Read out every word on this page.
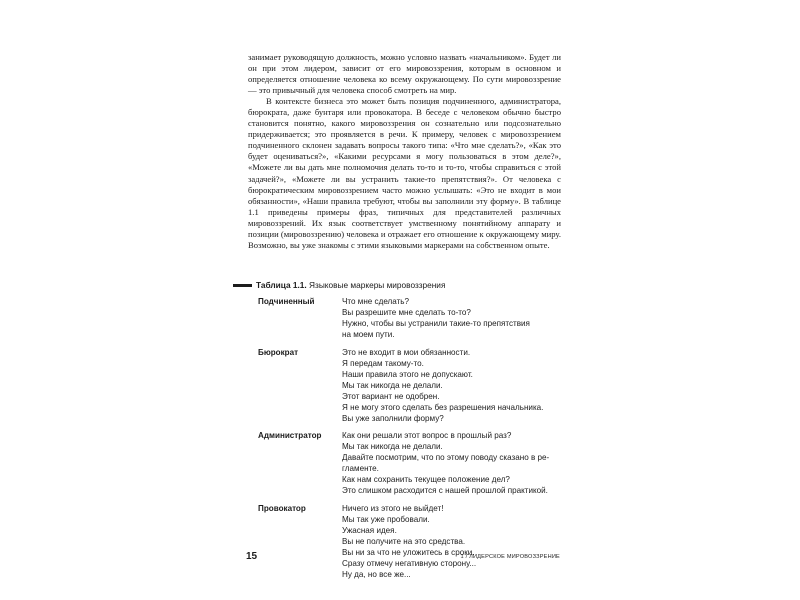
занимает руководящую должность, можно условно назвать «начальником». Будет ли он при этом лидером, зависит от его мировоззрения, которым в основном и определяется отношение человека ко всему окружающему. По сути мировоззрение — это привычный для человека способ смотреть на мир.

В контексте бизнеса это может быть позиция подчиненного, администратора, бюрократа, даже бунтаря или провокатора. В беседе с человеком обычно быстро становится понятно, какого мировоззрения он сознательно или подсознательно придерживается; это проявляется в речи. К примеру, человек с мировоззрением подчиненного склонен задавать вопросы такого типа: «Что мне сделать?», «Как это будет оцениваться?», «Какими ресурсами я могу пользоваться в этом деле?», «Можете ли вы дать мне полномочия делать то-то и то-то, чтобы справиться с этой задачей?», «Можете ли вы устранить такие-то препятствия?». От человека с бюрократическим мировоззрением часто можно услышать: «Это не входит в мои обязанности», «Наши правила требуют, чтобы вы заполнили эту форму». В таблице 1.1 приведены примеры фраз, типичных для представителей различных мировоззрений. Их язык соответствует умственному понятийному аппарату и позиции (мировоззрению) человека и отражает его отношение к окружающему миру. Возможно, вы уже знакомы с этими языковыми маркерами на собственном опыте.

Таблица 1.1. Языковые маркеры мировоззрения
Подчиненный	Что мне сделать?
Вы разрешите мне сделать то-то?
Нужно, чтобы вы устранили такие-то препятствия
на моем пути.
Бюрократ	Это не входит в мои обязанности.
Я передам такому-то.
Наши правила этого не допускают.
Мы так никогда не делали.
Этот вариант не одобрен.
Я не могу этого сделать без разрешения начальника.
Вы уже заполнили форму?
Администратор	Как они решали этот вопрос в прошлый раз?
Мы так никогда не делали.
Давайте посмотрим, что по этому поводу сказано в ре-
гламенте.
Как нам сохранить текущее положение дел?
Это слишком расходится с нашей прошлой практикой.
Провокатор	Ничего из этого не выйдет!
Мы так уже пробовали.
Ужасная идея.
Вы не получите на это средства.
Вы ни за что не уложитесь в сроки.
Сразу отмечу негативную сторону...
Ну да, но все же...
15	1 / ЛИДЕРСКОЕ МИРОВОЗЗРЕНИЕ
